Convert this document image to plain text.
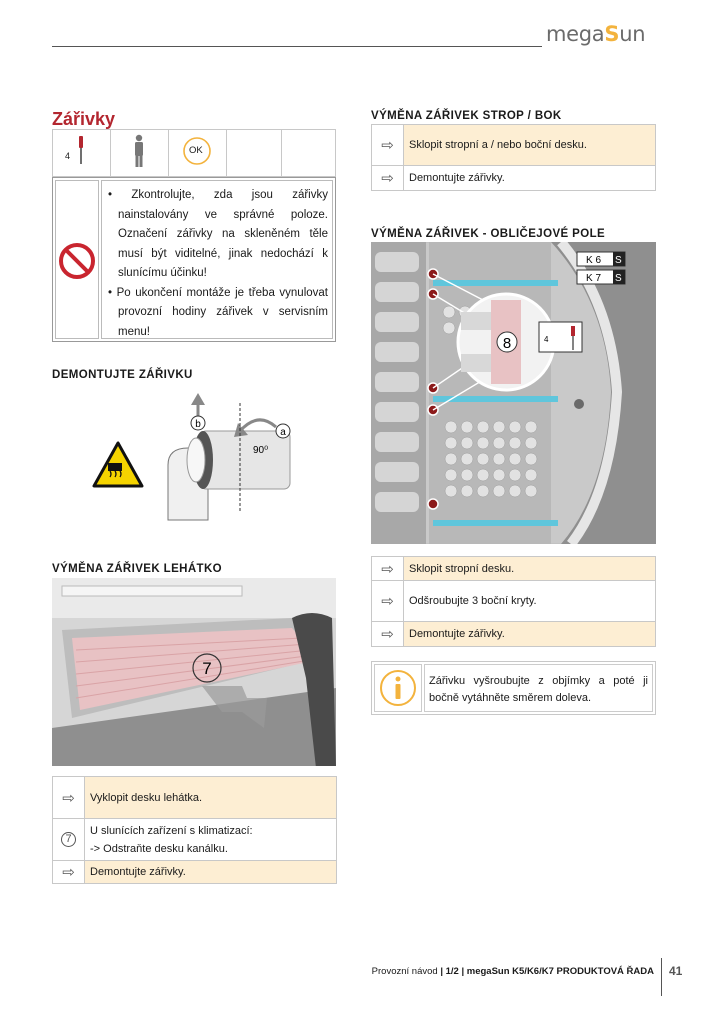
megaSun
Zářivky
4		OK

• Zkontrolujte, zda jsou zářivky nainstalovány ve správné poloze. Označení zářivky na skleněném těle musí být viditelné, jinak nedochází k slunícímu účinku!

• Po ukončení montáže je třeba vynulovat provozní hodiny zářivek v servisním menu!

DEMONTUJTE ZÁŘIVKU
b
a
90⁰
VÝMĚNA ZÁŘIVEK LEHÁTKO
7
⇨	Vyklopit desku lehátka.
7
U slunících zařízení s klimatizací:
-> Odstraňte desku kanálku.
⇨	Demontujte zářivky.
VÝMĚNA ZÁŘIVEK STROP / BOK
⇨	Sklopit stropní a / nebo boční desku.
⇨	Demontujte zářivky.
VÝMĚNA ZÁŘIVEK - OBLIČEJOVÉ POLE
8	4
K 6 S
K 7 S
⇨	Sklopit stropní desku.
⇨	Odšroubujte 3 boční kryty.
⇨	Demontujte zářivky.
Zářivku vyšroubujte z objímky a poté ji bočně vytáhněte směrem doleva.
Provozní návod | 1/2 | megaSun K5/K6/K7 PRODUKTOVÁ ŘADA 41
